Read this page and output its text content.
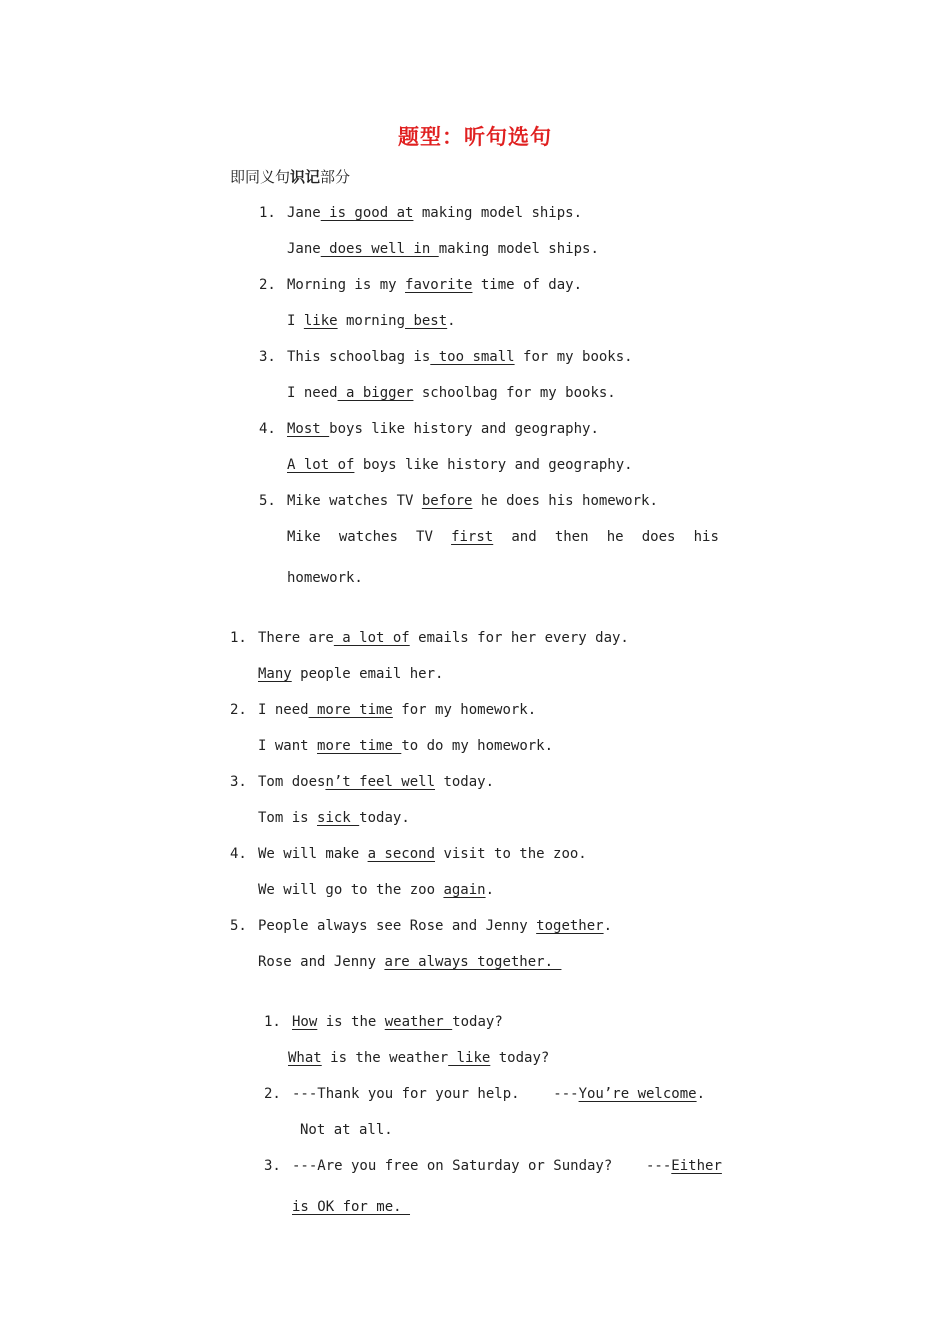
题型：听句选句
即同义句识记部分
1. Jane is good at making model ships.
Jane does well in making model ships.
2. Morning is my favorite time of day.
I like morning best.
3. This schoolbag is too small for my books.
I need a bigger schoolbag for my books.
4. Most boys like history and geography.
A lot of boys like history and geography.
5. Mike watches TV before he does his homework.
Mike watches TV first and then he does his
homework.
1. There are a lot of emails for her every day.
Many people email her.
2. I need more time for my homework.
I want more time to do my homework.
3. Tom doesn’t feel well today.
Tom is sick today.
4. We will make a second visit to the zoo.
We will go to the zoo again.
5. People always see Rose and Jenny together.
Rose and Jenny are always together.
1. How is the weather today?
What is the weather like today?
2. ---Thank you for your help.    ---You’re welcome.
Not at all.
3. ---Are you free on Saturday or Sunday?    ---Either
is OK for me.
